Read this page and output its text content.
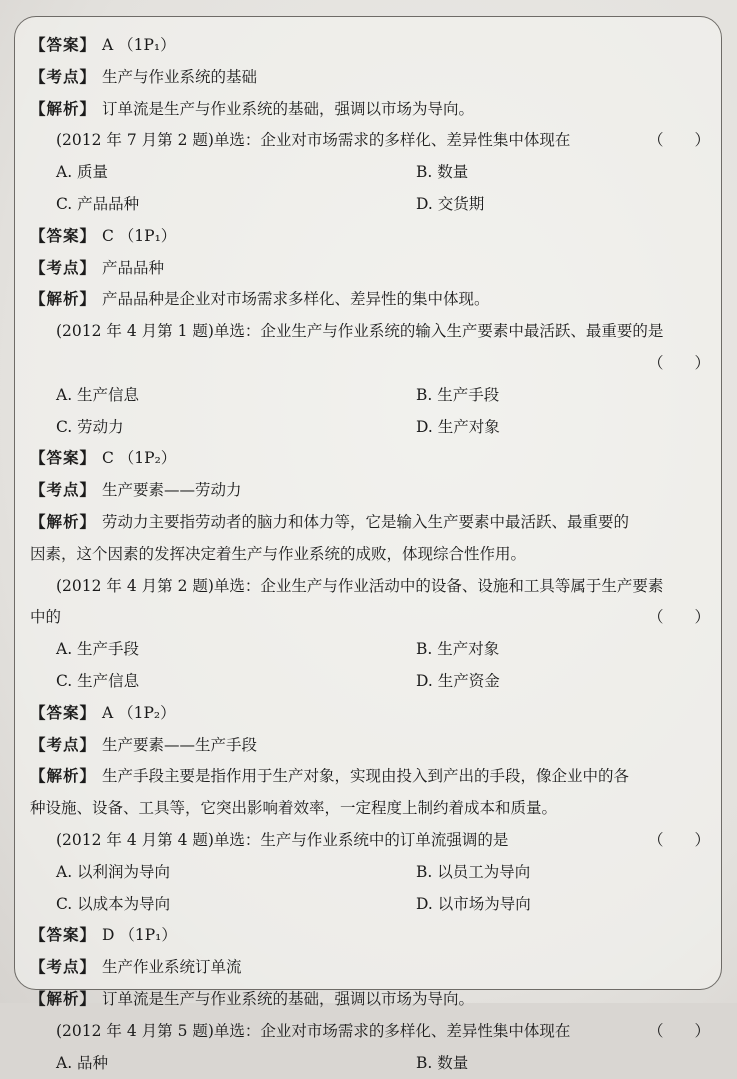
【答案】 A （1P₁）
【考点】 生产与作业系统的基础
【解析】 订单流是生产与作业系统的基础，强调以市场为导向。
(2012 年 7 月第 2 题)单选：企业对市场需求的多样化、差异性集中体现在	（　　）
A. 质量	B. 数量
C. 产品品种	D. 交货期
【答案】 C （1P₁）
【考点】 产品品种
【解析】 产品品种是企业对市场需求多样化、差异性的集中体现。
(2012 年 4 月第 1 题)单选：企业生产与作业系统的输入生产要素中最活跃、最重要的是
（　　）
A. 生产信息	B. 生产手段
C. 劳动力	D. 生产对象
【答案】 C （1P₂）
【考点】 生产要素——劳动力
【解析】 劳动力主要指劳动者的脑力和体力等，它是输入生产要素中最活跃、最重要的
因素，这个因素的发挥决定着生产与作业系统的成败，体现综合性作用。
(2012 年 4 月第 2 题)单选：企业生产与作业活动中的设备、设施和工具等属于生产要素
中的	（　　）
A. 生产手段	B. 生产对象
C. 生产信息	D. 生产资金
【答案】 A （1P₂）
【考点】 生产要素——生产手段
【解析】 生产手段主要是指作用于生产对象，实现由投入到产出的手段，像企业中的各
种设施、设备、工具等，它突出影响着效率，一定程度上制约着成本和质量。
(2012 年 4 月第 4 题)单选：生产与作业系统中的订单流强调的是	（　　）
A. 以利润为导向	B. 以员工为导向
C. 以成本为导向	D. 以市场为导向
【答案】 D （1P₁）
【考点】 生产作业系统订单流
【解析】 订单流是生产与作业系统的基础，强调以市场为导向。
(2012 年 4 月第 5 题)单选：企业对市场需求的多样化、差异性集中体现在	（　　）
A. 品种	B. 数量
